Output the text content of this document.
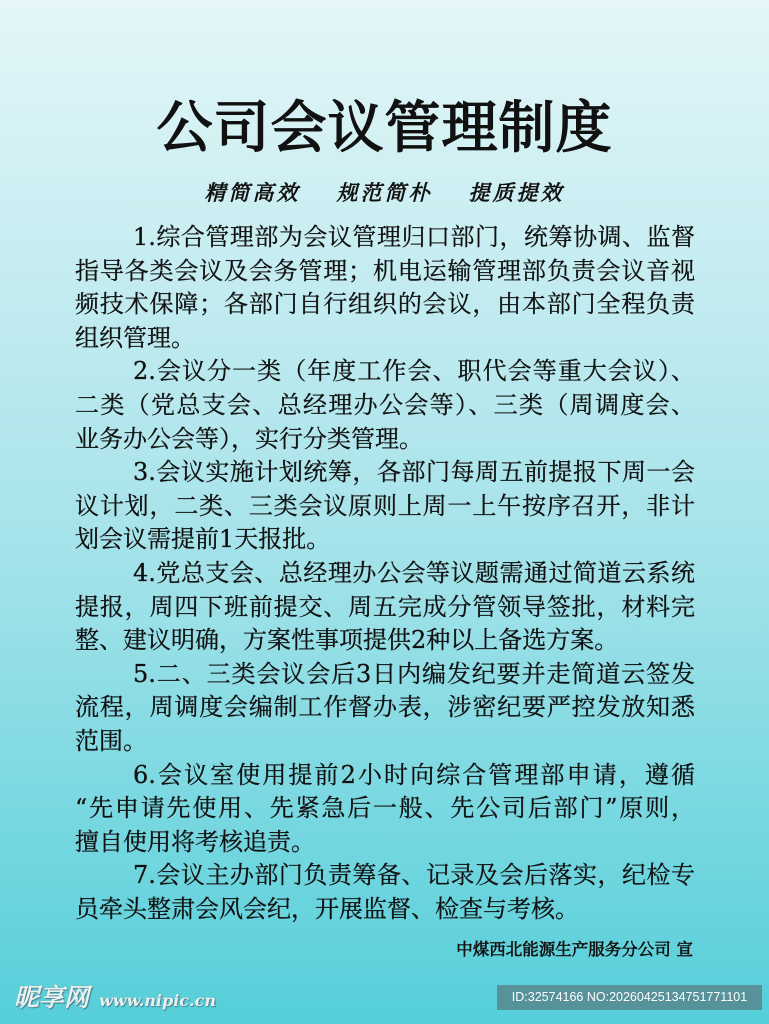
公司会议管理制度
精简高效 规范简朴 提质提效
1.综合管理部为会议管理归口部门，统筹协调、监督
指导各类会议及会务管理；机电运输管理部负责会议音视
频技术保障；各部门自行组织的会议，由本部门全程负责
组织管理。
2.会议分一类（年度工作会、职代会等重大会议）、
二类（党总支会、总经理办公会等）、三类（周调度会、
业务办公会等），实行分类管理。
3.会议实施计划统筹，各部门每周五前提报下周一会
议计划，二类、三类会议原则上周一上午按序召开，非计
划会议需提前1天报批。
4.党总支会、总经理办公会等议题需通过简道云系统
提报，周四下班前提交、周五完成分管领导签批，材料完
整、建议明确，方案性事项提供2种以上备选方案。
5.二、三类会议会后3日内编发纪要并走简道云签发
流程，周调度会编制工作督办表，涉密纪要严控发放知悉
范围。
6.会议室使用提前2小时向综合管理部申请，遵循
“先申请先使用、先紧急后一般、先公司后部门”原则，
擅自使用将考核追责。
7.会议主办部门负责筹备、记录及会后落实，纪检专
员牵头整肃会风会纪，开展监督、检查与考核。
中煤西北能源生产服务分公司 宣
昵享网 www.nipic.cn	ID:32574166 NO:20260425134751771101
